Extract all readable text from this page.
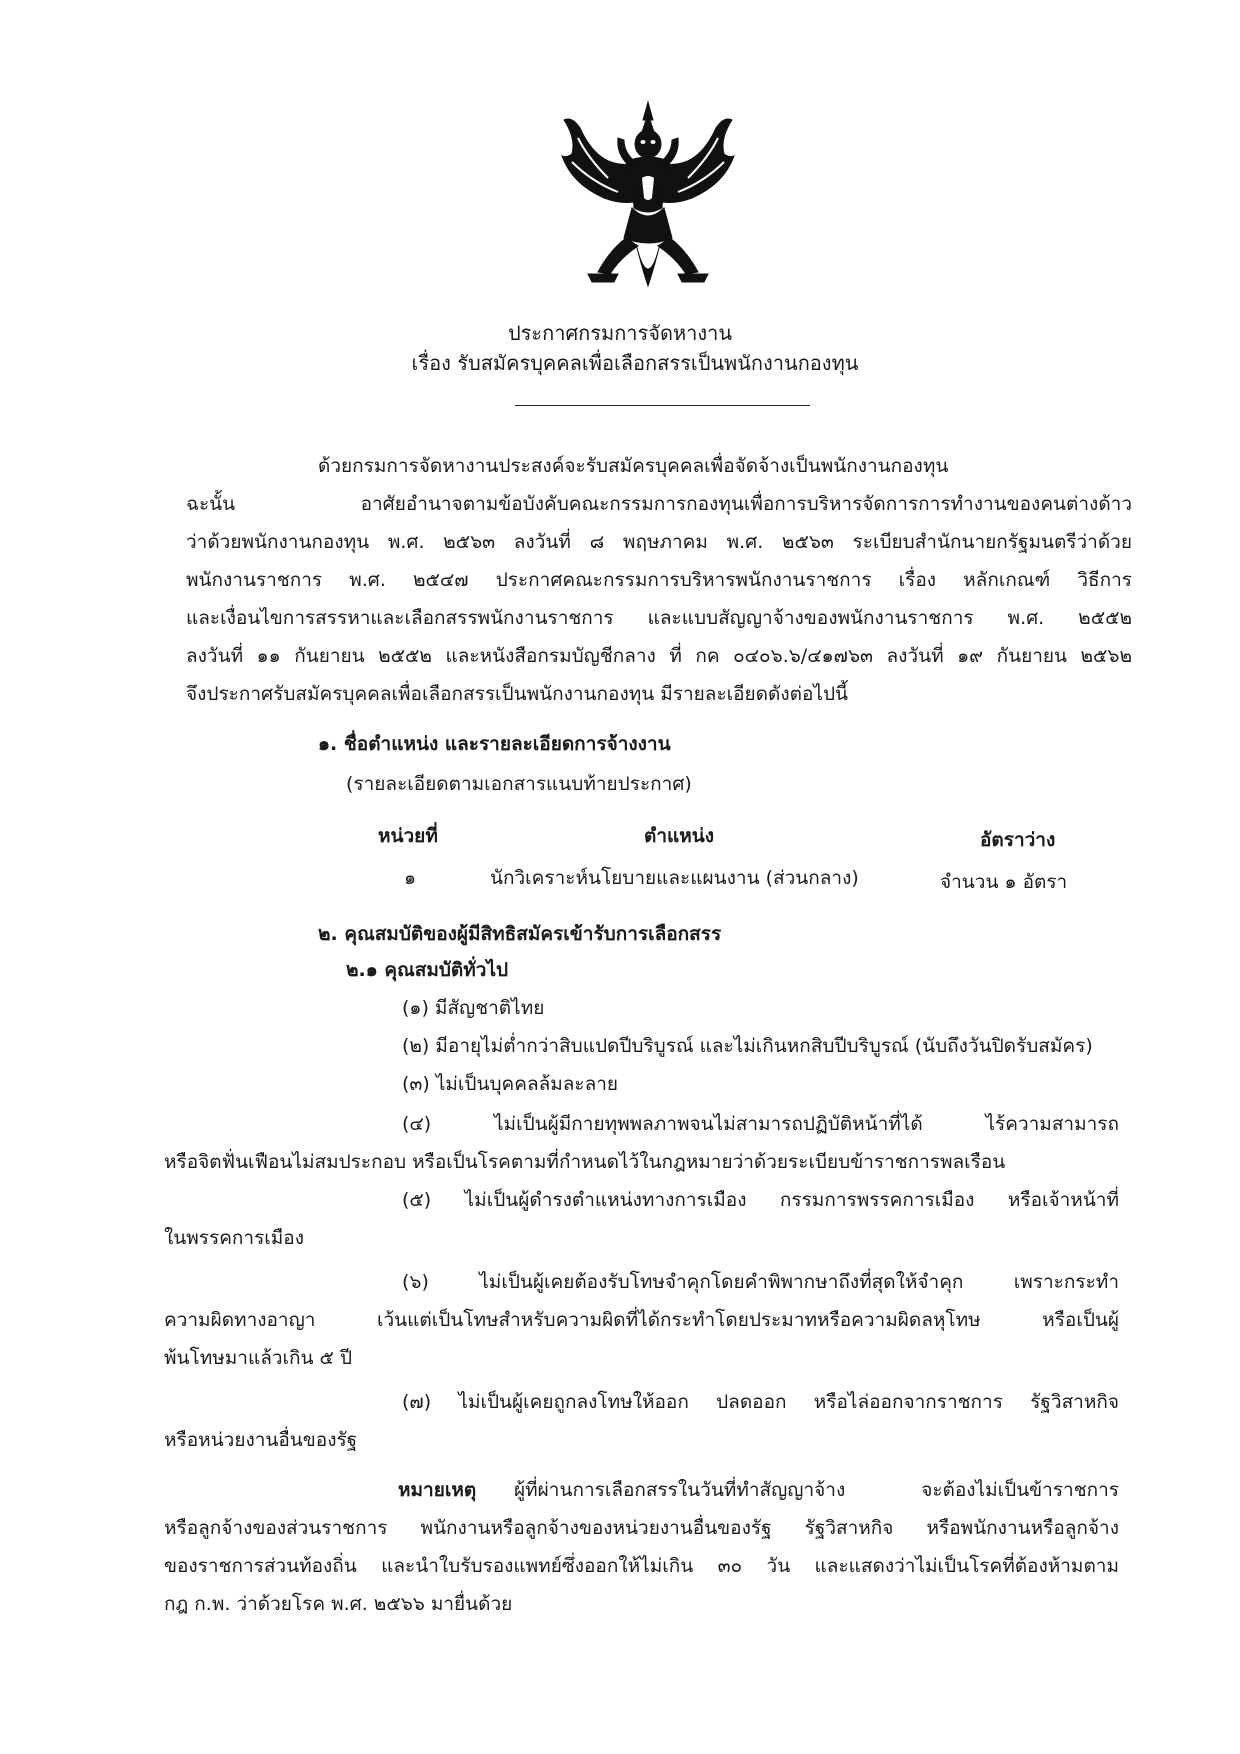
ประกาศกรมการจัดหางาน
เรื่อง รับสมัครบุคคลเพื่อเลือกสรรเป็นพนักงานกองทุน
ด้วยกรมการจัดหางานประสงค์จะรับสมัครบุคคลเพื่อจัดจ้างเป็นพนักงานกองทุน
ฉะนั้น อาศัยอำนาจตามข้อบังคับคณะกรรมการกองทุนเพื่อการบริหารจัดการการทำงานของคนต่างด้าว
ว่าด้วยพนักงานกองทุน พ.ศ. ๒๕๖๓ ลงวันที่ ๘ พฤษภาคม พ.ศ. ๒๕๖๓ ระเบียบสำนักนายกรัฐมนตรีว่าด้วย
พนักงานราชการ พ.ศ. ๒๕๔๗ ประกาศคณะกรรมการบริหารพนักงานราชการ เรื่อง หลักเกณฑ์ วิธีการ
และเงื่อนไขการสรรหาและเลือกสรรพนักงานราชการ และแบบสัญญาจ้างของพนักงานราชการ พ.ศ. ๒๕๕๒
ลงวันที่ ๑๑ กันยายน ๒๕๕๒ และหนังสือกรมบัญชีกลาง ที่ กค ๐๔๐๖.๖/๔๑๗๖๓ ลงวันที่ ๑๙ กันยายน ๒๕๖๒
จึงประกาศรับสมัครบุคคลเพื่อเลือกสรรเป็นพนักงานกองทุน มีรายละเอียดดังต่อไปนี้
๑. ชื่อตำแหน่ง และรายละเอียดการจ้างงาน
(รายละเอียดตามเอกสารแนบท้ายประกาศ)
หน่วยที่	ตำแหน่ง	อัตราว่าง
๑	นักวิเคราะห์นโยบายและแผนงาน (ส่วนกลาง)	จำนวน ๑ อัตรา
๒. คุณสมบัติของผู้มีสิทธิสมัครเข้ารับการเลือกสรร
๒.๑ คุณสมบัติทั่วไป
(๑) มีสัญชาติไทย
(๒) มีอายุไม่ต่ำกว่าสิบแปดปีบริบูรณ์ และไม่เกินหกสิบปีบริบูรณ์ (นับถึงวันปิดรับสมัคร)
(๓) ไม่เป็นบุคคลล้มละลาย
(๔) ไม่เป็นผู้มีกายทุพพลภาพจนไม่สามารถปฏิบัติหน้าที่ได้ ไร้ความสามารถ
หรือจิตฟั่นเฟือนไม่สมประกอบ หรือเป็นโรคตามที่กำหนดไว้ในกฎหมายว่าด้วยระเบียบข้าราชการพลเรือน
(๕) ไม่เป็นผู้ดำรงตำแหน่งทางการเมือง กรรมการพรรคการเมือง หรือเจ้าหน้าที่
ในพรรคการเมือง
(๖) ไม่เป็นผู้เคยต้องรับโทษจำคุกโดยคำพิพากษาถึงที่สุดให้จำคุก เพราะกระทำ
ความผิดทางอาญา เว้นแต่เป็นโทษสำหรับความผิดที่ได้กระทำโดยประมาทหรือความผิดลหุโทษ หรือเป็นผู้
พ้นโทษมาแล้วเกิน ๕ ปี
(๗) ไม่เป็นผู้เคยถูกลงโทษให้ออก ปลดออก หรือไล่ออกจากราชการ รัฐวิสาหกิจ
หรือหน่วยงานอื่นของรัฐ
หมายเหตุ ผู้ที่ผ่านการเลือกสรรในวันที่ทำสัญญาจ้าง จะต้องไม่เป็นข้าราชการ
หรือลูกจ้างของส่วนราชการ พนักงานหรือลูกจ้างของหน่วยงานอื่นของรัฐ รัฐวิสาหกิจ หรือพนักงานหรือลูกจ้าง
ของราชการส่วนท้องถิ่น และนำใบรับรองแพทย์ซึ่งออกให้ไม่เกิน ๓๐ วัน และแสดงว่าไม่เป็นโรคที่ต้องห้ามตาม
กฎ ก.พ. ว่าด้วยโรค พ.ศ. ๒๕๖๖ มายื่นด้วย
